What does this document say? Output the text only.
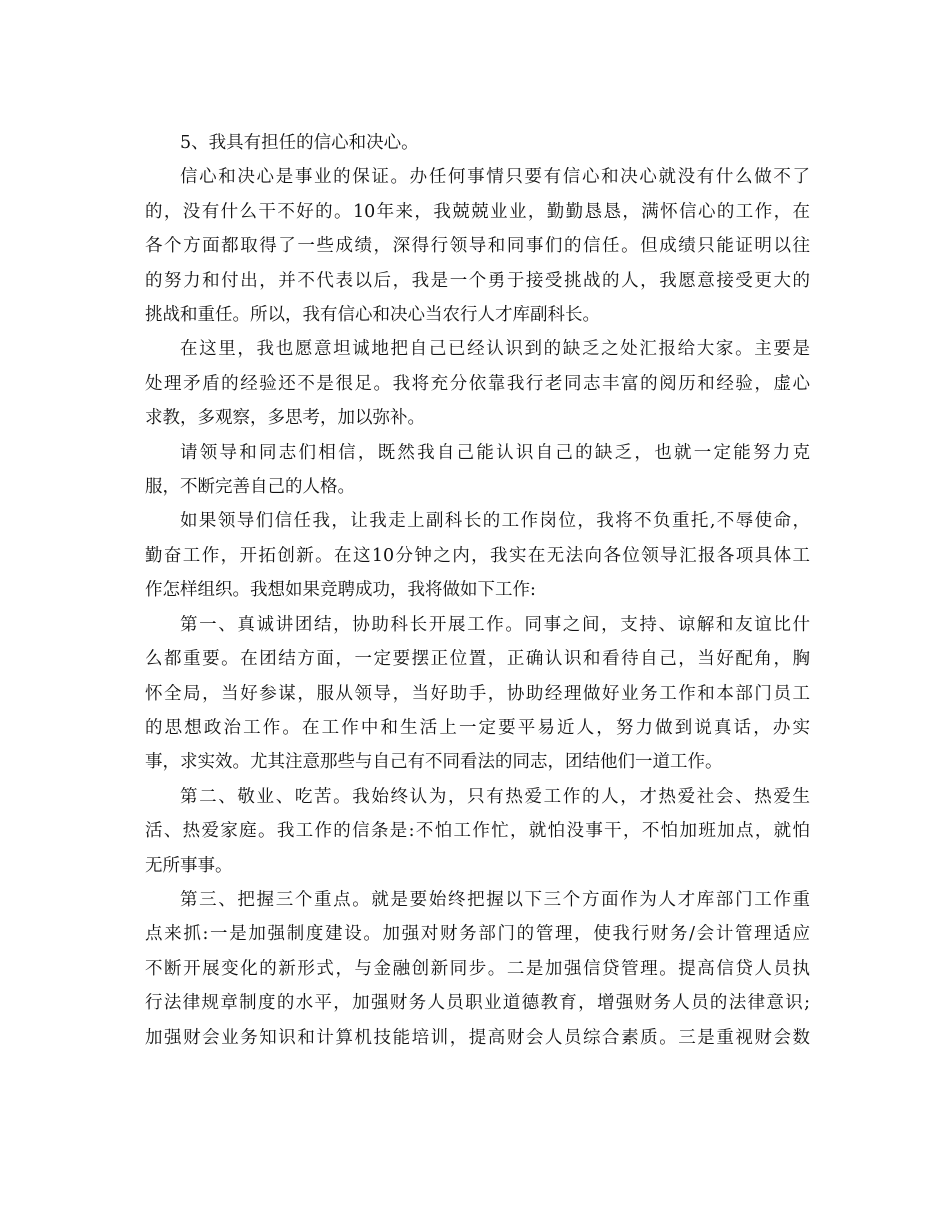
5、我具有担任的信心和决心。

信心和决心是事业的保证。办任何事情只要有信心和决心就没有什么做不了
的，没有什么干不好的。10年来，我兢兢业业，勤勤恳恳，满怀信心的工作，在
各个方面都取得了一些成绩，深得行领导和同事们的信任。但成绩只能证明以往
的努力和付出，并不代表以后，我是一个勇于接受挑战的人，我愿意接受更大的
挑战和重任。所以，我有信心和决心当农行人才库副科长。

在这里，我也愿意坦诚地把自己已经认识到的缺乏之处汇报给大家。主要是
处理矛盾的经验还不是很足。我将充分依靠我行老同志丰富的阅历和经验，虚心
求教，多观察，多思考，加以弥补。

请领导和同志们相信，既然我自己能认识自己的缺乏，也就一定能努力克
服，不断完善自己的人格。

如果领导们信任我，让我走上副科长的工作岗位，我将不负重托,不辱使命，
勤奋工作，开拓创新。在这10分钟之内，我实在无法向各位领导汇报各项具体工
作怎样组织。我想如果竞聘成功，我将做如下工作:

第一、真诚讲团结，协助科长开展工作。同事之间，支持、谅解和友谊比什
么都重要。在团结方面，一定要摆正位置，正确认识和看待自己，当好配角，胸
怀全局，当好参谋，服从领导，当好助手，协助经理做好业务工作和本部门员工
的思想政治工作。在工作中和生活上一定要平易近人，努力做到说真话，办实
事，求实效。尤其注意那些与自己有不同看法的同志，团结他们一道工作。

第二、敬业、吃苦。我始终认为，只有热爱工作的人，才热爱社会、热爱生
活、热爱家庭。我工作的信条是:不怕工作忙，就怕没事干，不怕加班加点，就怕
无所事事。

第三、把握三个重点。就是要始终把握以下三个方面作为人才库部门工作重
点来抓:一是加强制度建设。加强对财务部门的管理，使我行财务/会计管理适应
不断开展变化的新形式，与金融创新同步。二是加强信贷管理。提高信贷人员执
行法律规章制度的水平，加强财务人员职业道德教育，增强财务人员的法律意识;
加强财会业务知识和计算机技能培训，提高财会人员综合素质。三是重视财会数
